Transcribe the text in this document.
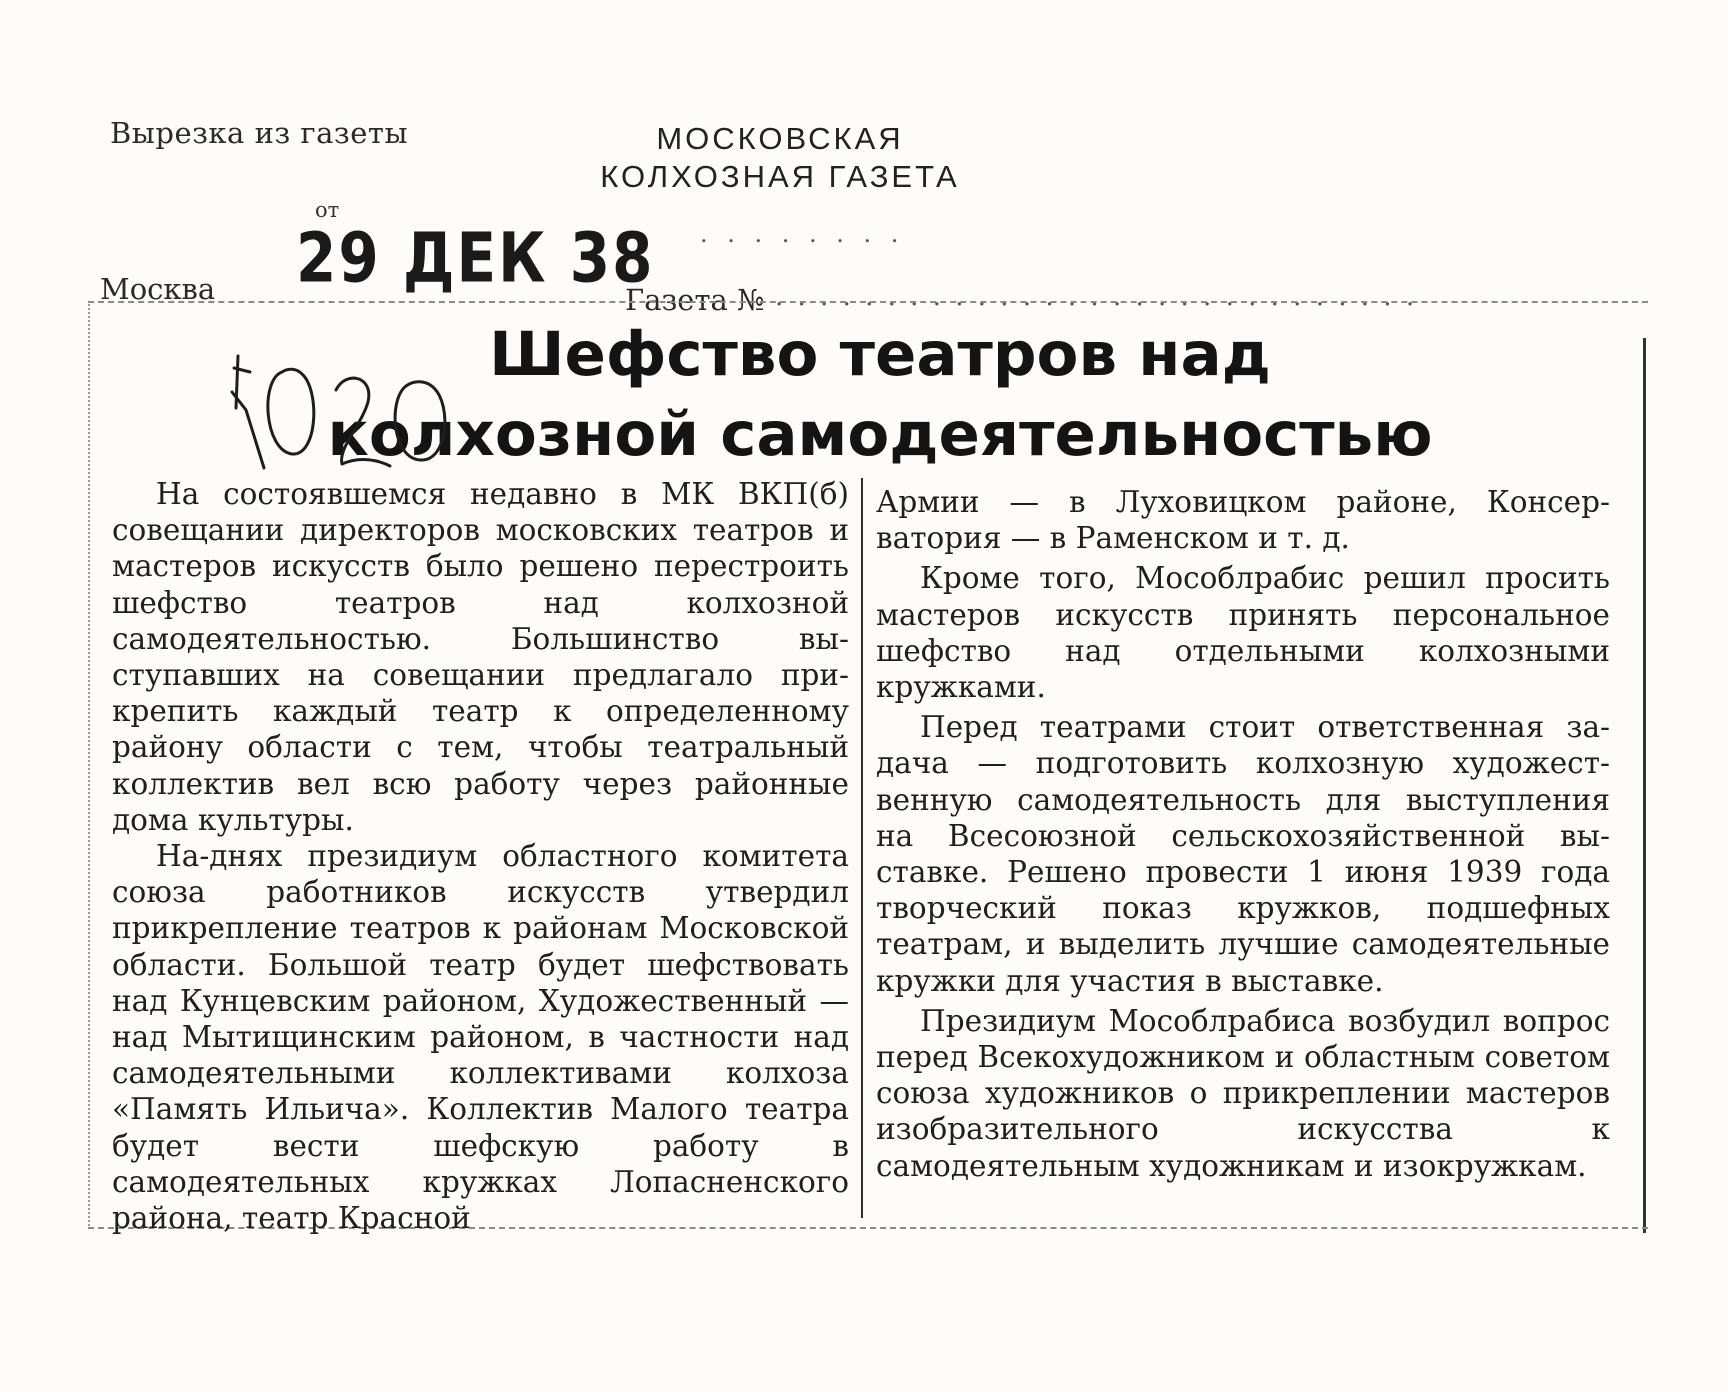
Вырезка из газеты	МОСКОВСКАЯ КОЛХОЗНАЯ ГАЗЕТА
от
29 ДЕК 38 . . . . . . . .
Москва	Газета № . . . . . . . . . . . . . . . . . . . . . . . . . . . . .
Шефство театров над колхозной самодеятельностью

На состоявшемся недавно в МК ВКП(б) совещании директоров московских театров и мастеров искусств было решено перестроить шефство театров над колхозной самодеятельностью. Большинство выступавших на совещании предлагало прикрепить каждый театр к определенному району области с тем, чтобы театральный коллектив вел всю работу через районные дома культуры.

На-днях президиум областного комитета союза работников искусств утвердил прикрепление театров к районам Московской области. Большой театр будет шефствовать над Кунцевским районом, Художественный — над Мытищинским районом, в частности над самодеятельными коллективами колхоза «Память Ильича». Коллектив Малого театра будет вести шефскую работу в самодеятельных кружках Лопасненского района, театр Красной

Армии — в Луховицком районе, Консерватория — в Раменском и т. д.

Кроме того, Мособлрабис решил просить мастеров искусств принять персональное шефство над отдельными колхозными кружками.

Перед театрами стоит ответственная задача — подготовить колхозную художественную самодеятельность для выступления на Всесоюзной сельскохозяйственной выставке. Решено провести 1 июня 1939 года творческий показ кружков, подшефных театрам, и выделить лучшие самодеятельные кружки для участия в выставке.

Президиум Мособлрабиса возбудил вопрос перед Всекохудожником и областным советом союза художников о прикреплении мастеров изобразительного искусства к самодеятельным художникам и изокружкам.
